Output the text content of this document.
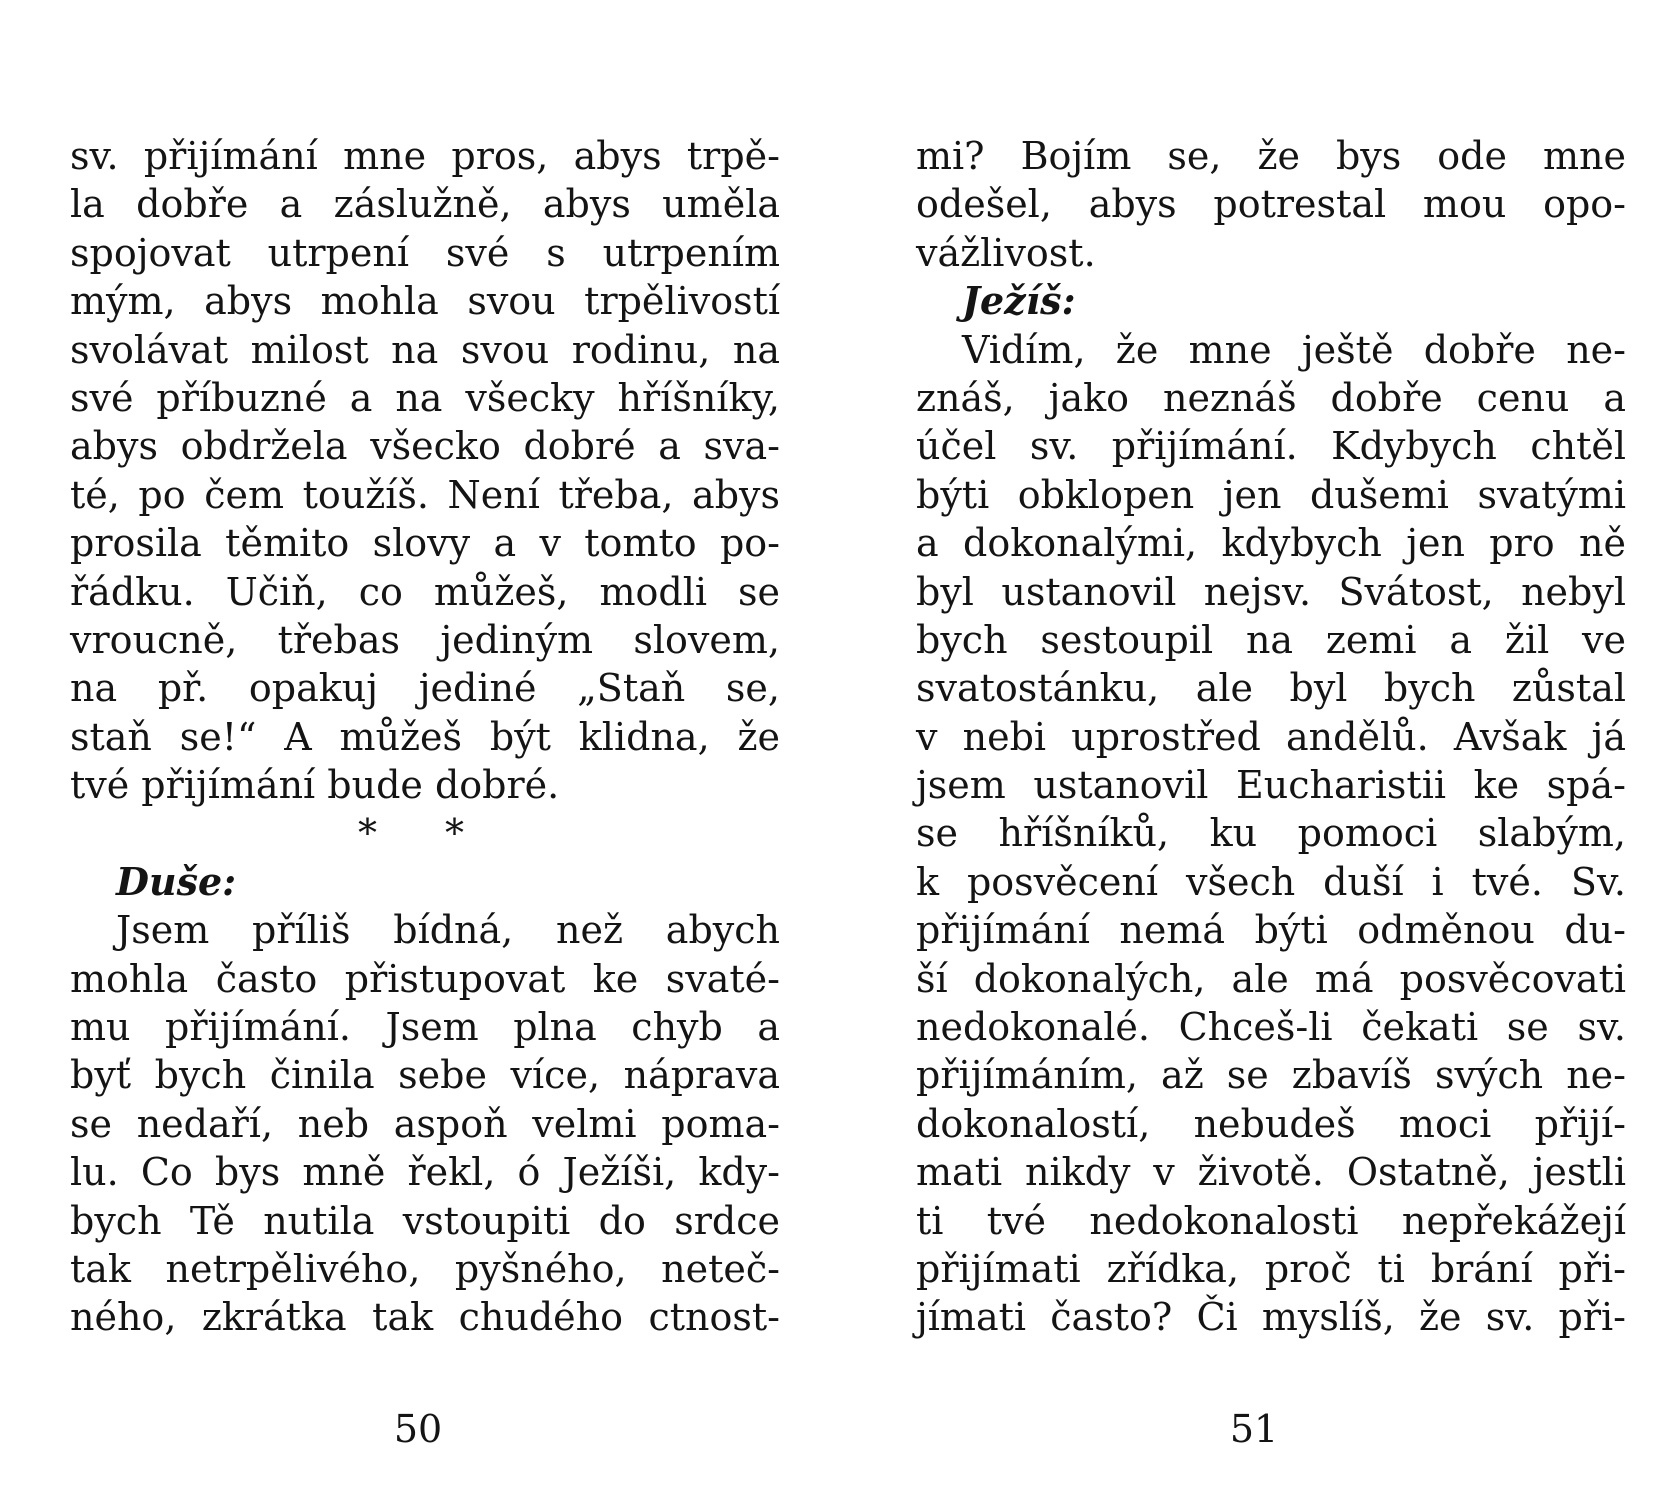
sv. přijímání mne pros, abys trpě-
la dobře a záslužně, abys uměla
spojovat utrpení své s utrpením
mým, abys mohla svou trpělivostí
svolávat milost na svou rodinu, na
své příbuzné a na všecky hříšníky,
abys obdržela všecko dobré a sva-
té, po čem toužíš. Není třeba, abys
prosila těmito slovy a v tomto po-
řádku. Učiň, co můžeš, modli se
vroucně, třebas jediným slovem,
na př. opakuj jediné „Staň se,
staň se!“ A můžeš být klidna, že
tvé přijímání bude dobré.
* *
Duše:
Jsem příliš bídná, než abych
mohla často přistupovat ke svaté-
mu přijímání. Jsem plna chyb a
byť bych činila sebe více, náprava
se nedaří, neb aspoň velmi poma-
lu. Co bys mně řekl, ó Ježíši, kdy-
bych Tě nutila vstoupiti do srdce
tak netrpělivého, pyšného, neteč-
ného, zkrátka tak chudého ctnost-
50
mi? Bojím se, že bys ode mne
odešel, abys potrestal mou opo-
vážlivost.
Ježíš:
Vidím, že mne ještě dobře ne-
znáš, jako neznáš dobře cenu a
účel sv. přijímání. Kdybych chtěl
býti obklopen jen dušemi svatými
a dokonalými, kdybych jen pro ně
byl ustanovil nejsv. Svátost, nebyl
bych sestoupil na zemi a žil ve
svatostánku, ale byl bych zůstal
v nebi uprostřed andělů. Avšak já
jsem ustanovil Eucharistii ke spá-
se hříšníků, ku pomoci slabým,
k posvěcení všech duší i tvé. Sv.
přijímání nemá býti odměnou du-
ší dokonalých, ale má posvěcovati
nedokonalé. Chceš-li čekati se sv.
přijímáním, až se zbavíš svých ne-
dokonalostí, nebudeš moci přijí-
mati nikdy v životě. Ostatně, jestli
ti tvé nedokonalosti nepřekážejí
přijímati zřídka, proč ti brání při-
jímati často? Či myslíš, že sv. při-
51
